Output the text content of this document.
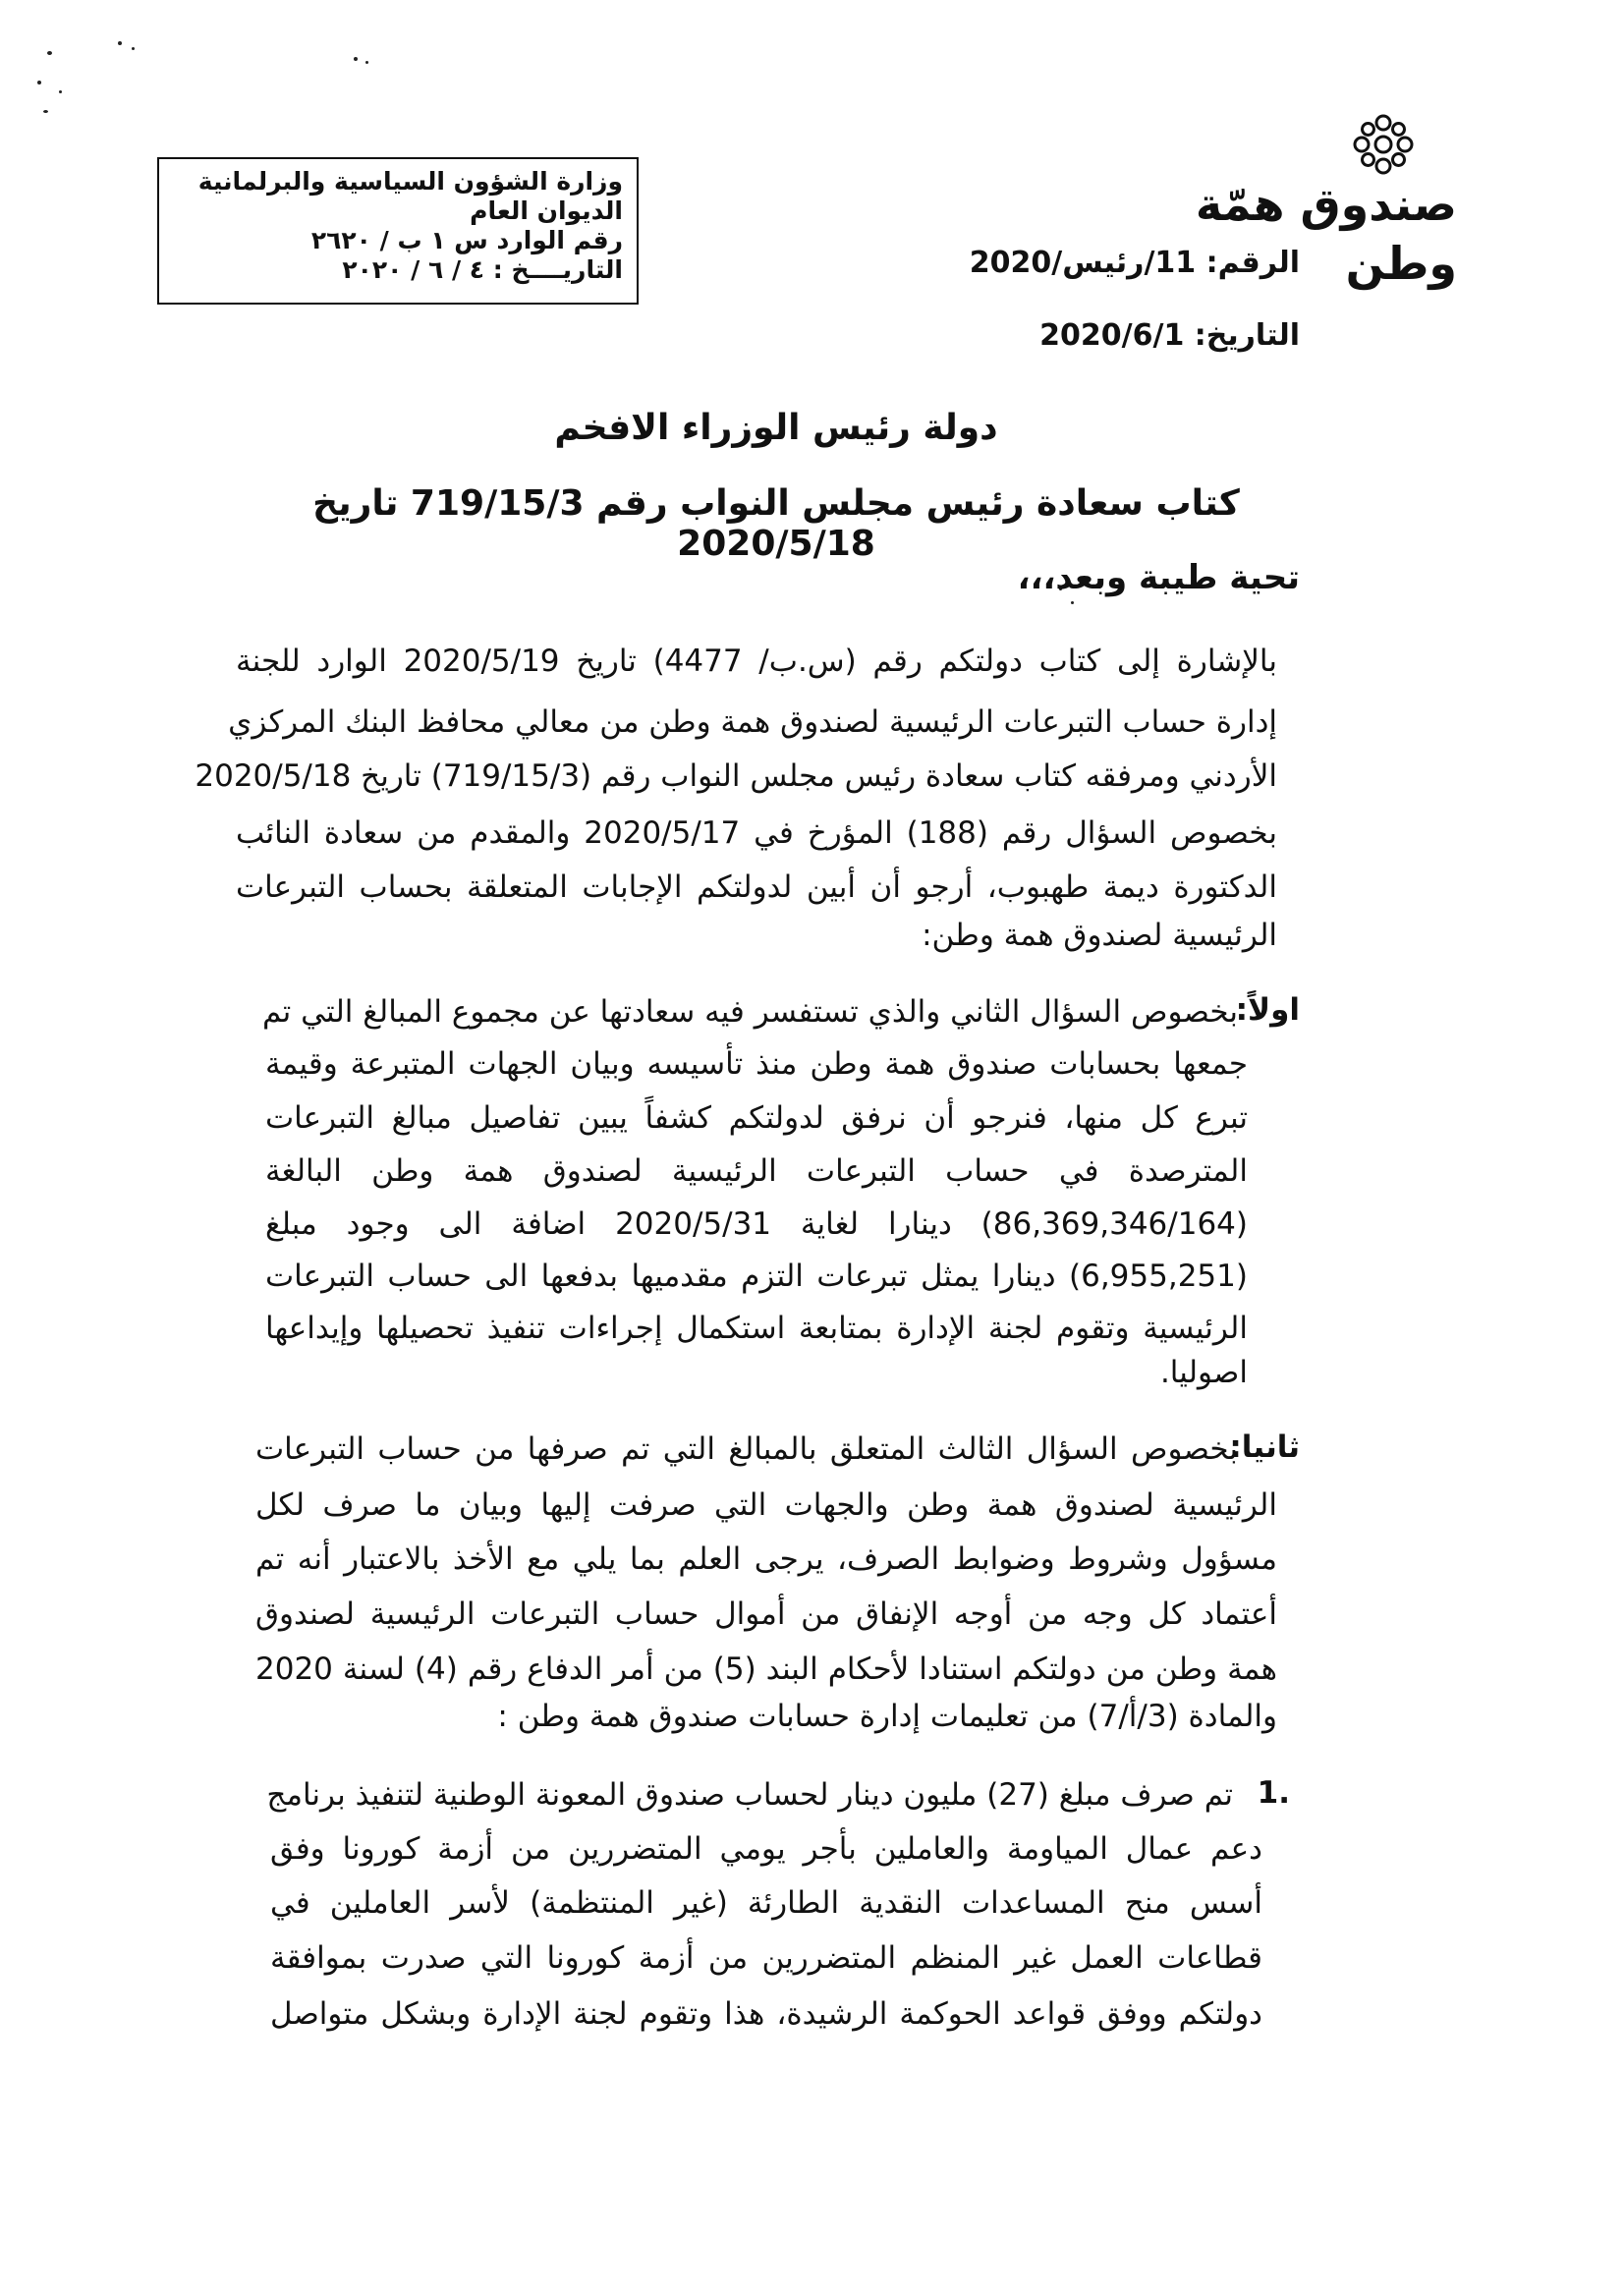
صندوق همّة وطن
الرقم: 11/رئيس/2020
التاريخ: 2020/6/1
وزارة الشؤون السياسية والبرلمانية
الديوان العام
رقم الوارد س ١ ب / ٢٦٢٠
التاريــــخ : ٤ / ٦ / ٢٠٢٠
دولة رئيس الوزراء الافخم
كتاب سعادة رئيس مجلس النواب رقم 719/15/3 تاريخ 2020/5/18
تحية طيبة وبعد،،،
بالإشارة إلى كتاب دولتكم رقم (س.ب/ 4477) تاريخ 2020/5/19 الوارد للجنة
إدارة حساب التبرعات الرئيسية لصندوق همة وطن من معالي محافظ البنك المركزي
الأردني ومرفقه كتاب سعادة رئيس مجلس النواب رقم (719/15/3) تاريخ 2020/5/18
بخصوص السؤال رقم (188) المؤرخ في 2020/5/17 والمقدم من سعادة النائب
الدكتورة ديمة طهبوب، أرجو أن أبين لدولتكم الإجابات المتعلقة بحساب التبرعات
الرئيسية لصندوق همة وطن:
اولاً:
بخصوص السؤال الثاني والذي تستفسر فيه سعادتها عن مجموع المبالغ التي تم
جمعها بحسابات صندوق همة وطن منذ تأسيسه وبيان الجهات المتبرعة وقيمة
تبرع كل منها، فنرجو أن نرفق لدولتكم كشفاً يبين تفاصيل مبالغ التبرعات
المترصدة في حساب التبرعات الرئيسية لصندوق همة وطن البالغة
(86,369,346/164) دينارا لغاية 2020/5/31 اضافة الى وجود مبلغ
(6,955,251) دينارا يمثل تبرعات التزم مقدميها بدفعها الى حساب التبرعات
الرئيسية وتقوم لجنة الإدارة بمتابعة استكمال إجراءات تنفيذ تحصيلها وإيداعها
اصوليا.
ثانيا:
بخصوص السؤال الثالث المتعلق بالمبالغ التي تم صرفها من حساب التبرعات
الرئيسية لصندوق همة وطن والجهات التي صرفت إليها وبيان ما صرف لكل
مسؤول وشروط وضوابط الصرف، يرجى العلم بما يلي مع الأخذ بالاعتبار أنه تم
أعتماد كل وجه من أوجه الإنفاق من أموال حساب التبرعات الرئيسية لصندوق
همة وطن من دولتكم استنادا لأحكام البند (5) من أمر الدفاع رقم (4) لسنة 2020
والمادة (3/أ/7) من تعليمات إدارة حسابات صندوق همة وطن :
1.
تم صرف مبلغ (27) مليون دينار لحساب صندوق المعونة الوطنية لتنفيذ برنامج
دعم عمال المياومة والعاملين بأجر يومي المتضررين من أزمة كورونا وفق
أسس منح المساعدات النقدية الطارئة (غير المنتظمة) لأسر العاملين في
قطاعات العمل غير المنظم المتضررين من أزمة كورونا التي صدرت بموافقة
دولتكم ووفق قواعد الحوكمة الرشيدة، هذا وتقوم لجنة الإدارة وبشكل متواصل
